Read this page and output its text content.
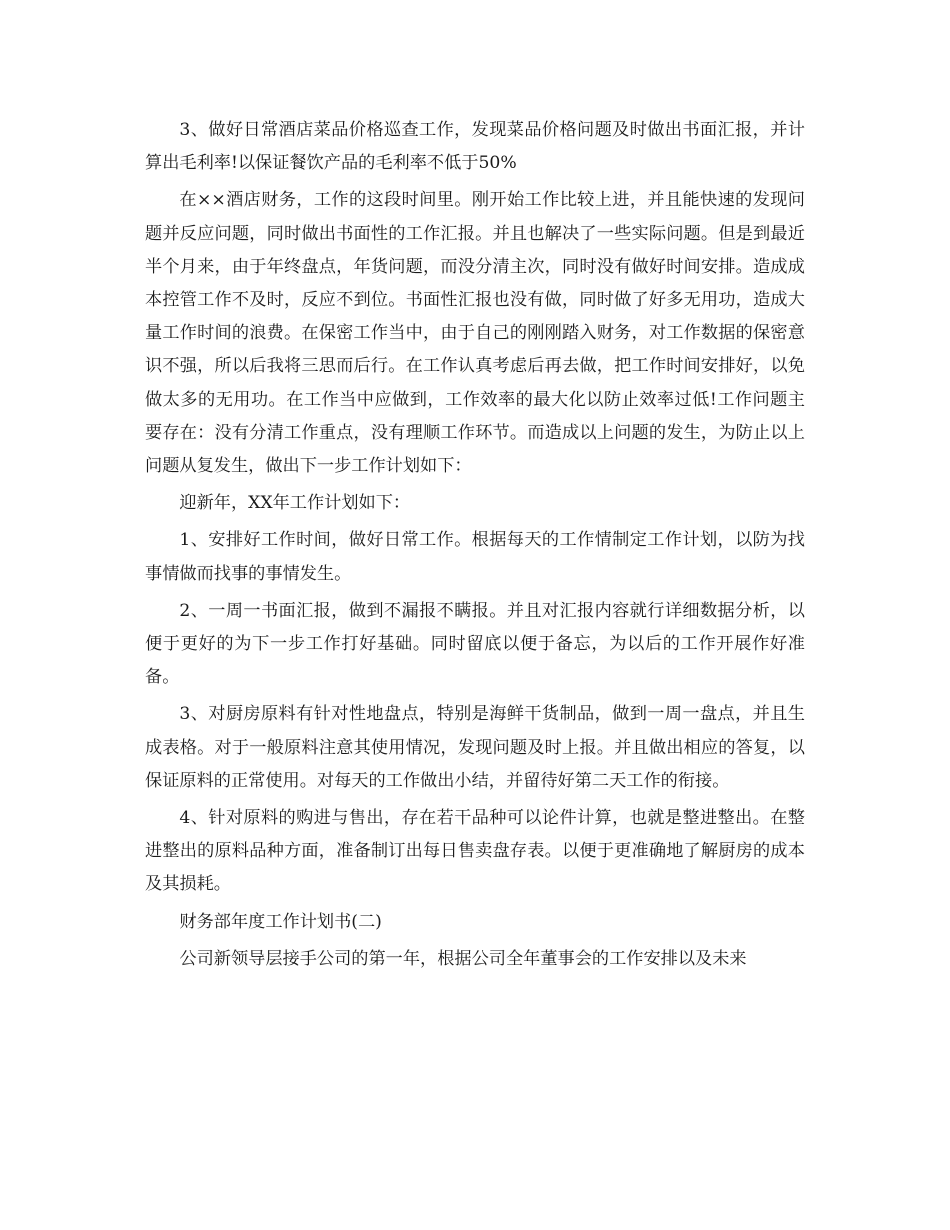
3、做好日常酒店菜品价格巡查工作，发现菜品价格问题及时做出书面汇报，并计算出毛利率!以保证餐饮产品的毛利率不低于50%

在××酒店财务，工作的这段时间里。刚开始工作比较上进，并且能快速的发现问题并反应问题，同时做出书面性的工作汇报。并且也解决了一些实际问题。但是到最近半个月来，由于年终盘点，年货问题，而没分清主次，同时没有做好时间安排。造成成本控管工作不及时，反应不到位。书面性汇报也没有做，同时做了好多无用功，造成大量工作时间的浪费。在保密工作当中，由于自己的刚刚踏入财务，对工作数据的保密意识不强，所以后我将三思而后行。在工作认真考虑后再去做，把工作时间安排好，以免做太多的无用功。在工作当中应做到，工作效率的最大化以防止效率过低!工作问题主要存在：没有分清工作重点，没有理顺工作环节。而造成以上问题的发生，为防止以上问题从复发生，做出下一步工作计划如下：

迎新年，XX年工作计划如下：

1、安排好工作时间，做好日常工作。根据每天的工作情制定工作计划，以防为找事情做而找事的事情发生。

2、一周一书面汇报，做到不漏报不瞒报。并且对汇报内容就行详细数据分析，以便于更好的为下一步工作打好基础。同时留底以便于备忘，为以后的工作开展作好准备。

3、对厨房原料有针对性地盘点，特别是海鲜干货制品，做到一周一盘点，并且生成表格。对于一般原料注意其使用情况，发现问题及时上报。并且做出相应的答复，以保证原料的正常使用。对每天的工作做出小结，并留待好第二天工作的衔接。

4、针对原料的购进与售出，存在若干品种可以论件计算，也就是整进整出。在整进整出的原料品种方面，准备制订出每日售卖盘存表。以便于更准确地了解厨房的成本及其损耗。

财务部年度工作计划书(二)

公司新领导层接手公司的第一年，根据公司全年董事会的工作安排以及未来
